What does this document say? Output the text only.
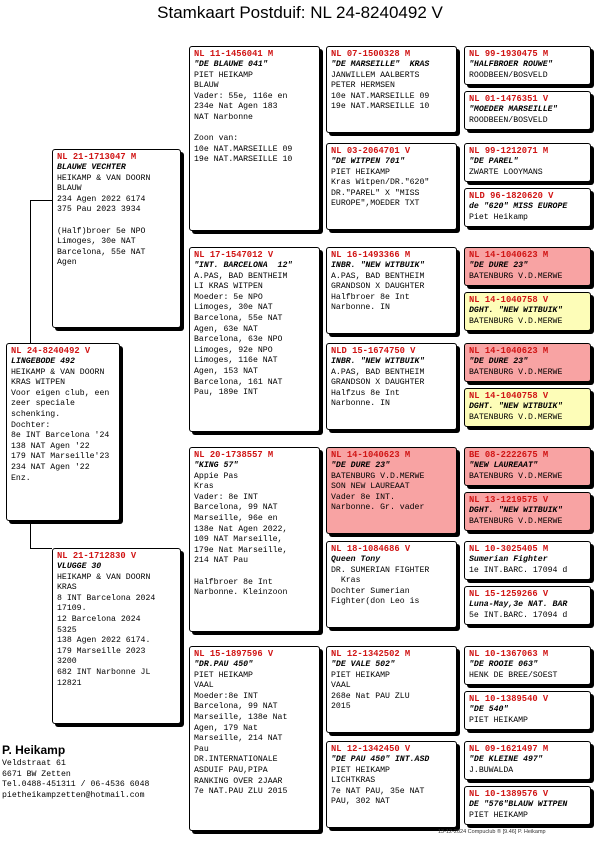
Stamkaart Postduif: NL 24-8240492 V
NL 24-8240492 V
LINGEBODE 492
HEIKAMP & VAN DOORN
KRAS WITPEN
Voor eigen club, een
zeer speciale
schenking.
Dochter:
8e INT Barcelona '24
138 NAT Agen '22
179 NAT Marseille'23
234 NAT Agen '22
Enz.
NL 21-1713047 M
BLAUWE VECHTER
HEIKAMP & VAN DOORN
BLAUW
234 Agen 2022 6174
375 Pau 2023 3934

(Half)broer 5e NPO
Limoges, 30e NAT
Barcelona, 55e NAT
Agen
NL 21-1712830 V
VLUGGE 30
HEIKAMP & VAN DOORN
KRAS
8 INT Barcelona 2024
17109.
12 Barcelona 2024
5325
138 Agen 2022 6174.
179 Marseille 2023
3200
682 INT Narbonne JL
12821
NL 11-1456041 M
"DE BLAUWE 041"
PIET HEIKAMP
BLAUW
Vader: 55e, 116e en
234e Nat Agen 183
NAT Narbonne

Zoon van:
10e NAT.MARSEILLE 09
19e NAT.MARSEILLE 10
NL 17-1547012 V
"INT. BARCELONA  12"
A.PAS, BAD BENTHEIM
LI KRAS WITPEN
Moeder: 5e NPO
Limoges, 30e NAT
Barcelona, 55e NAT
Agen, 63e NAT
Barcelona, 63e NPO
Limoges, 92e NPO
Limoges, 116e NAT
Agen, 153 NAT
Barcelona, 161 NAT
Pau, 189e INT
NL 20-1738557 M
"KING 57"
Appie Pas
Kras
Vader: 8e INT
Barcelona, 99 NAT
Marseille, 96e en
138e Nat Agen 2022,
109 NAT Marseille,
179e Nat Marseille,
214 NAT Pau

Halfbroer 8e Int
Narbonne. Kleinzoon
NL 15-1897596 V
"DR.PAU 450"
PIET HEIKAMP
VAAL
Moeder:8e INT
Barcelona, 99 NAT
Marseille, 138e Nat
Agen, 179 Nat
Marseille, 214 NAT
Pau
DR.INTERNATIONALE
ASDUIF PAU,PIPA
RANKING OVER 2JAAR
7e NAT.PAU ZLU 2015
NL 07-1500328 M
"DE MARSEILLE"  KRAS
JANWILLEM AALBERTS
PETER HERMSEN
10e NAT.MARSEILLE 09
19e NAT.MARSEILLE 10
NL 03-2064701 V
"DE WITPEN 701"
PIET HEIKAMP
Kras Witpen/DR."620"
DR."PAREL" X "MISS
EUROPE",MOEDER TXT
NL 16-1493366 M
INBR. "NEW WITBUIK"
A.PAS, BAD BENTHEIM
GRANDSON X DAUGHTER
Halfbroer 8e Int
Narbonne. IN
NLD 15-1674750 V
INBR. "NEW WITBUIK"
A.PAS, BAD BENTHEIM
GRANDSON X DAUGHTER
Halfzus 8e Int
Narbonne. IN
NL 14-1040623 M
"DE DURE 23"
BATENBURG V.D.MERWE
SON NEW LAUREAAT
Vader 8e INT.
Narbonne. Gr. vader
NL 18-1084686 V
Queen Tony
DR. SUMERIAN FIGHTER
Kras
Dochter Sumerian
Fighter(don Leo is
NL 12-1342502 M
"DE VALE 502"
PIET HEIKAMP
VAAL
268e Nat PAU ZLU
2015
NL 12-1342450 V
"DE PAU 450" INT.ASD
PIET HEIKAMP
LICHTKRAS
7e NAT PAU, 35e NAT
PAU, 302 NAT
NL 99-1930475 M
"HALFBROER ROUWE"
ROODBEEN/BOSVELD
NL 01-1476351 V
"MOEDER MARSEILLE"
ROODBEEN/BOSVELD
NL 99-1212071 M
"DE PAREL"
ZWARTE LOOYMANS
NLD 96-1820620 V
de "620" MISS EUROPE
Piet Heikamp
NL 14-1040623 M
"DE DURE 23"
BATENBURG V.D.MERWE
NL 14-1040758 V
DGHT. "NEW WITBUIK"
BATENBURG V.D.MERWE
NL 14-1040623 M
"DE DURE 23"
BATENBURG V.D.MERWE
NL 14-1040758 V
DGHT. "NEW WITBUIK"
BATENBURG V.D.MERWE
BE 08-2222675 M
"NEW LAUREAAT"
BATENBURG V.D.MERWE
NL 13-1219575 V
DGHT. "NEW WITBUIK"
BATENBURG V.D.MERWE
NL 10-3025405 M
Sumerian Fighter
1e INT.BARC. 17094 d
NL 15-1259266 V
Luna-May,3e NAT. BAR
5e INT.BARC. 17094 d
NL 10-1367063 M
"DE ROOIE 063"
HENK DE BREE/SOEST
NL 10-1389540 V
"DE 540"
PIET HEIKAMP
NL 09-1621497 M
"DE KLEINE 497"
J.BUWALDA
NL 10-1389576 V
DE "576"BLAUW WITPEN
PIET HEIKAMP
P. Heikamp
Veldstraat 61
6671 BW Zetten
Tel.0488-451311 / 06-4536 6048
pietheikampzetten@hotmail.com
13-12-2024 Compuclub ® [9.46] P. Heikamp
